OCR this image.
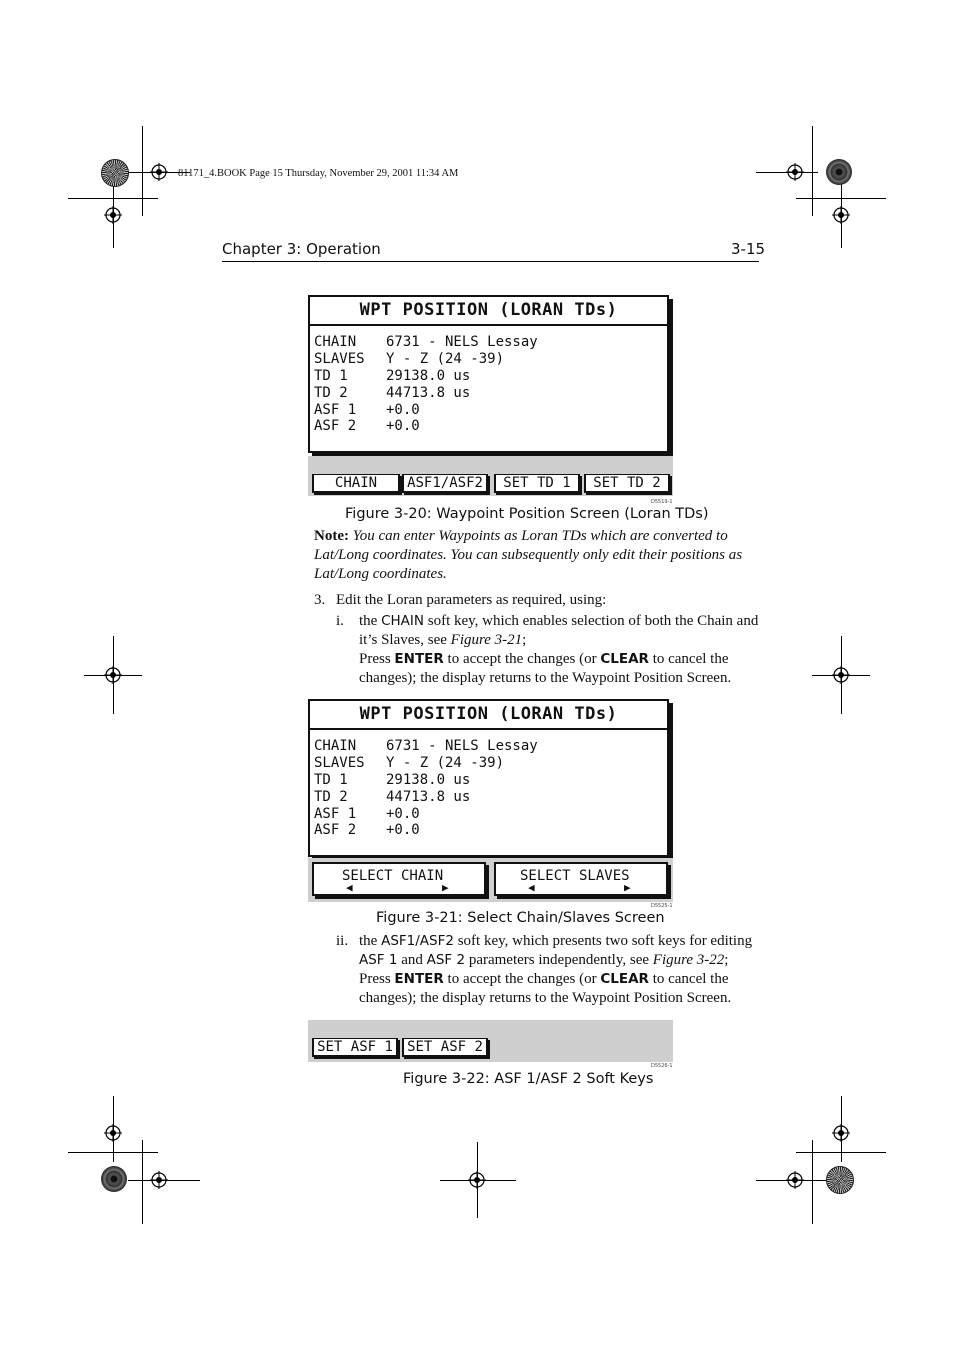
81171_4.BOOK Page 15 Thursday, November 29, 2001 11:34 AM
Chapter 3: Operation	3-15
WPT POSITION (LORAN TDs)
CHAIN 6731 - NELS Lessay
SLAVES Y - Z (24 -39)
TD 1	29138.0 us
TD 2	44713.8 us
ASF 1 +0.0
ASF 2 +0.0
CHAIN	ASF1/ASF2	SET TD 1	SET TD 2
D5519-1
Figure 3-20: Waypoint Position Screen (Loran TDs)
Note: You can enter Waypoints as Loran TDs which are converted to Lat/Long coordinates. You can subsequently only edit their positions as Lat/Long coordinates.
3. Edit the Loran parameters as required, using:
i. the CHAIN soft key, which enables selection of both the Chain and it’s Slaves, see Figure 3-21;
Press ENTER to accept the changes (or CLEAR to cancel the
changes); the display returns to the Waypoint Position Screen.
WPT POSITION (LORAN TDs)
CHAIN 6731 - NELS Lessay
SLAVES Y - Z (24 -39)
TD 1	29138.0 us
TD 2	44713.8 us
ASF 1 +0.0
ASF 2 +0.0
SELECT CHAIN
◀	▶
SELECT SLAVES
◀	▶
D5525-1
Figure 3-21: Select Chain/Slaves Screen
ii. the ASF1/ASF2 soft key, which presents two soft keys for editing ASF 1 and ASF 2 parameters independently, see Figure 3-22;
Press ENTER to accept the changes (or CLEAR to cancel the
changes); the display returns to the Waypoint Position Screen.
SET ASF 1	SET ASF 2
D5526-1
Figure 3-22: ASF 1/ASF 2 Soft Keys
